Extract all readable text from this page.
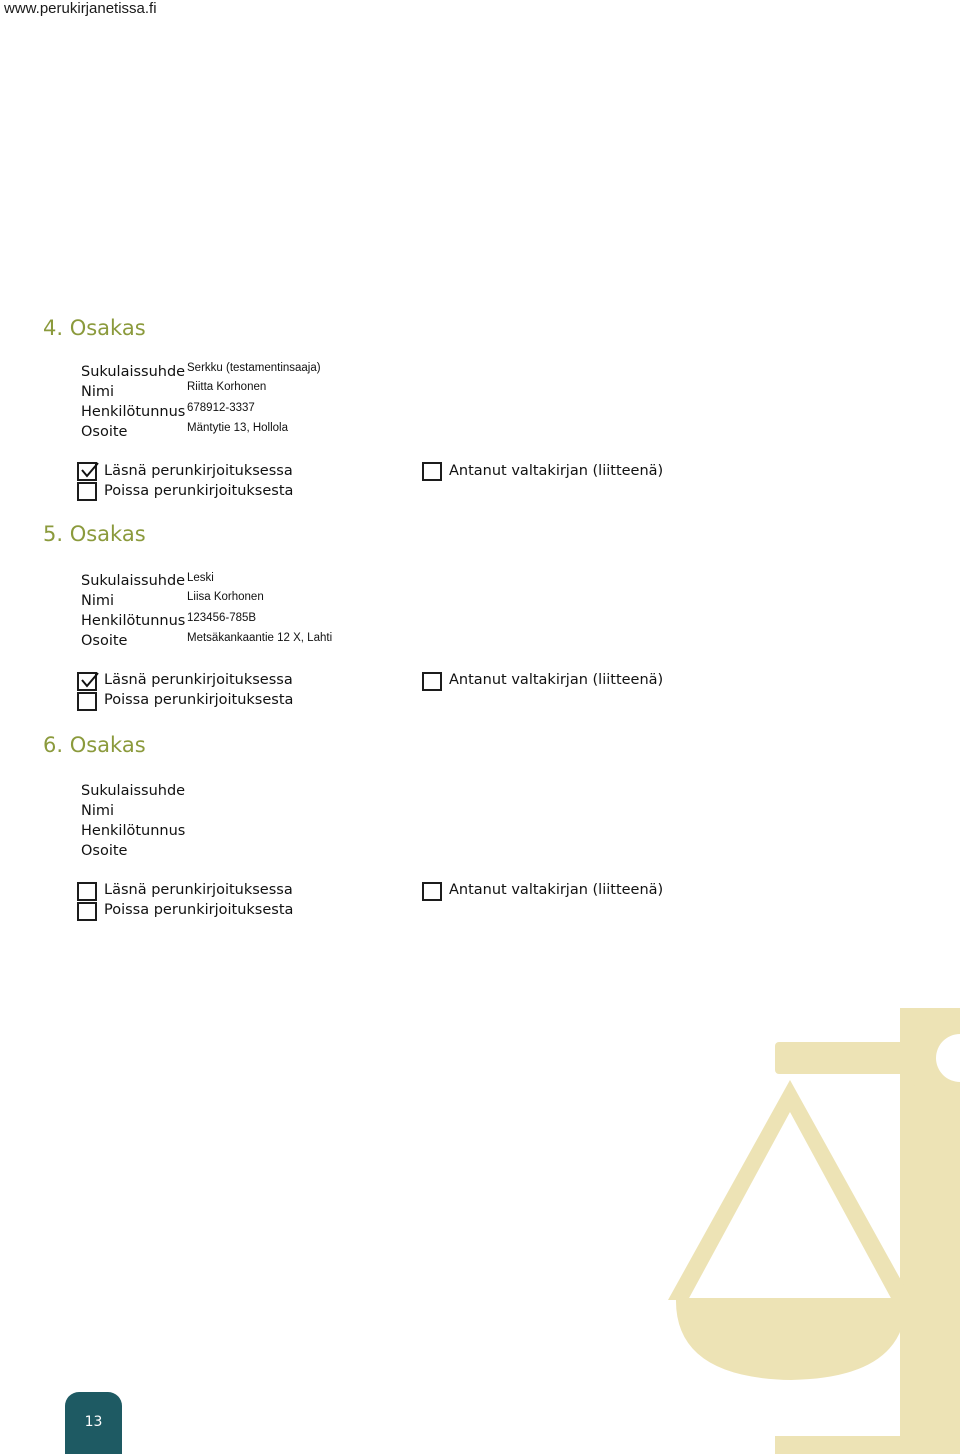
www.perukirjanetissa.fi
4. Osakas
Sukulaissuhde
Nimi
Henkilötunnus
Osoite
Serkku (testamentinsaaja)
Riitta Korhonen
678912-3337
Mäntytie 13, Hollola
Läsnä perunkirjoituksessa
Poissa perunkirjoituksesta
Antanut valtakirjan (liitteenä)
5. Osakas
Sukulaissuhde
Nimi
Henkilötunnus
Osoite
Leski
Liisa Korhonen
123456-785B
Metsäkankaantie 12 X, Lahti
Läsnä perunkirjoituksessa
Poissa perunkirjoituksesta
Antanut valtakirjan (liitteenä)
6. Osakas
Sukulaissuhde
Nimi
Henkilötunnus
Osoite
Läsnä perunkirjoituksessa
Poissa perunkirjoituksesta
Antanut valtakirjan (liitteenä)
13
